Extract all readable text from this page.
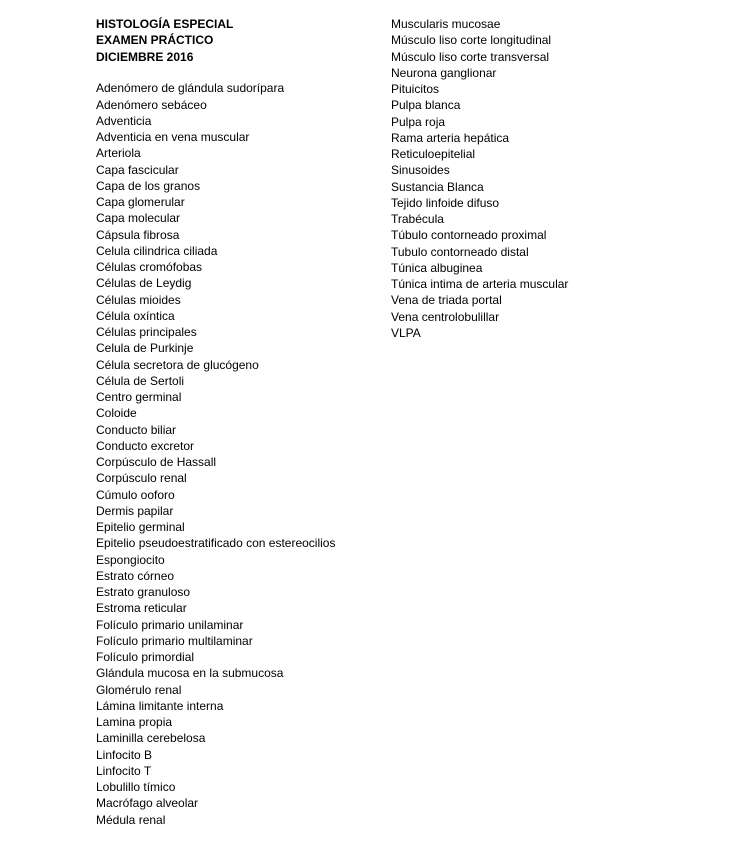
HISTOLOGÍA ESPECIAL
EXAMEN PRÁCTICO
DICIEMBRE 2016
Adenómero de glándula sudorípara
Adenómero sebáceo
Adventicia
Adventicia en vena muscular
Arteriola
Capa fascicular
Capa de los granos
Capa glomerular
Capa molecular
Cápsula fibrosa
Celula cilindrica ciliada
Células cromófobas
Células de Leydig
Células mioides
Célula oxíntica
Células principales
Celula de Purkinje
Célula secretora de glucógeno
Célula de Sertoli
Centro germinal
Coloide
Conducto biliar
Conducto excretor
Corpúsculo de Hassall
Corpúsculo renal
Cúmulo ooforo
Dermis papilar
Epitelio germinal
Epitelio pseudoestratificado con estereocilios
Espongiocito
Estrato córneo
Estrato granuloso
Estroma reticular
Folículo primario unilaminar
Folículo primario multilaminar
Folículo primordial
Glándula mucosa en la submucosa
Glomérulo renal
Lámina limitante interna
Lamina propia
Laminilla cerebelosa
Linfocito B
Linfocito T
Lobulillo tímico
Macrófago alveolar
Médula renal
Muscularis mucosae
Músculo liso corte longitudinal
Músculo liso corte transversal
Neurona ganglionar
Pituicitos
Pulpa blanca
Pulpa roja
Rama arteria hepática
Reticuloepitelial
Sinusoides
Sustancia Blanca
Tejido linfoide difuso
Trabécula
Túbulo contorneado proximal
Tubulo contorneado distal
Túnica albuginea
Túnica intima de arteria muscular
Vena de triada portal
Vena centrolobulillar
VLPA
